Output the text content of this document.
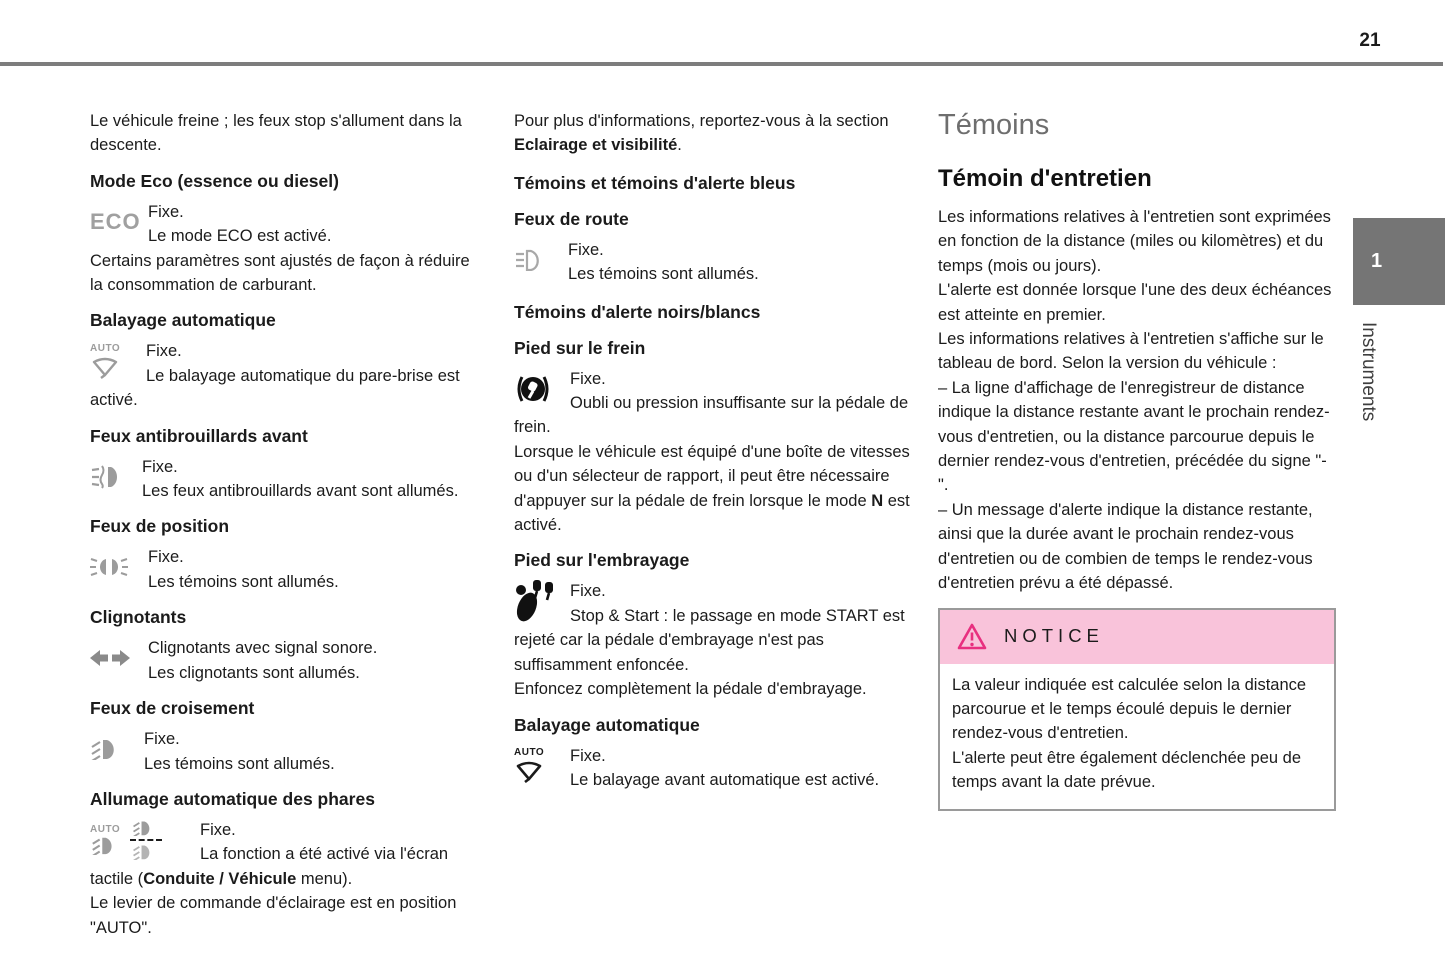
21

Le véhicule freine ; les feux stop s'allument dans la descente.

Mode Eco (essence ou diesel)
ECO Fixe.
Le mode ECO est activé.

Certains paramètres sont ajustés de façon à réduire la consommation de carburant.

Balayage automatique
AUTO	Fixe.
Le balayage automatique du pare-brise est activé.
Feux antibrouillards avant
Fixe.
Les feux antibrouillards avant sont allumés.
Feux de position
Fixe.
Les témoins sont allumés.
Clignotants
Clignotants avec signal sonore.
Les clignotants sont allumés.
Feux de croisement
Fixe.
Les témoins sont allumés.
Allumage automatique des phares
AUTO	Fixe.

La fonction a été activé via l'écran tactile (Conduite / Véhicule menu).

Le levier de commande d'éclairage est en position "AUTO".

Pour plus d'informations, reportez-vous à la section Eclairage et visibilité.

Témoins et témoins d'alerte bleus
Feux de route
Fixe.
Les témoins sont allumés.
Témoins d'alerte noirs/blancs
Pied sur le frein
Fixe.
Oubli ou pression insuffisante sur la pédale de frein.

Lorsque le véhicule est équipé d'une boîte de vitesses ou d'un sélecteur de rapport, il peut être nécessaire d'appuyer sur la pédale de frein lorsque le mode N est activé.

Pied sur l'embrayage
Fixe.
Stop & Start : le passage en mode START est rejeté car la pédale d'embrayage n'est pas suffisamment enfoncée.

Enfoncez complètement la pédale d'embrayage.

Balayage automatique
AUTO	Fixe.
Le balayage avant automatique est activé.
Témoins
Témoin d'entretien

Les informations relatives à l'entretien sont exprimées en fonction de la distance (miles ou kilomètres) et du temps (mois ou jours).

L'alerte est donnée lorsque l'une des deux échéances est atteinte en premier.

Les informations relatives à l'entretien s'affiche sur le tableau de bord. Selon la version du véhicule :

– La ligne d'affichage de l'enregistreur de distance indique la distance restante avant le prochain rendez-vous d'entretien, ou la distance parcourue depuis le dernier rendez-vous d'entretien, précédée du signe "-".

– Un message d'alerte indique la distance restante, ainsi que la durée avant le prochain rendez-vous d'entretien ou de combien de temps le rendez-vous d'entretien prévu a été dépassé.

NOTICE

La valeur indiquée est calculée selon la distance parcourue et le temps écoulé depuis le dernier rendez-vous d'entretien.

L'alerte peut être également déclenchée peu de temps avant la date prévue.

1
Instruments
